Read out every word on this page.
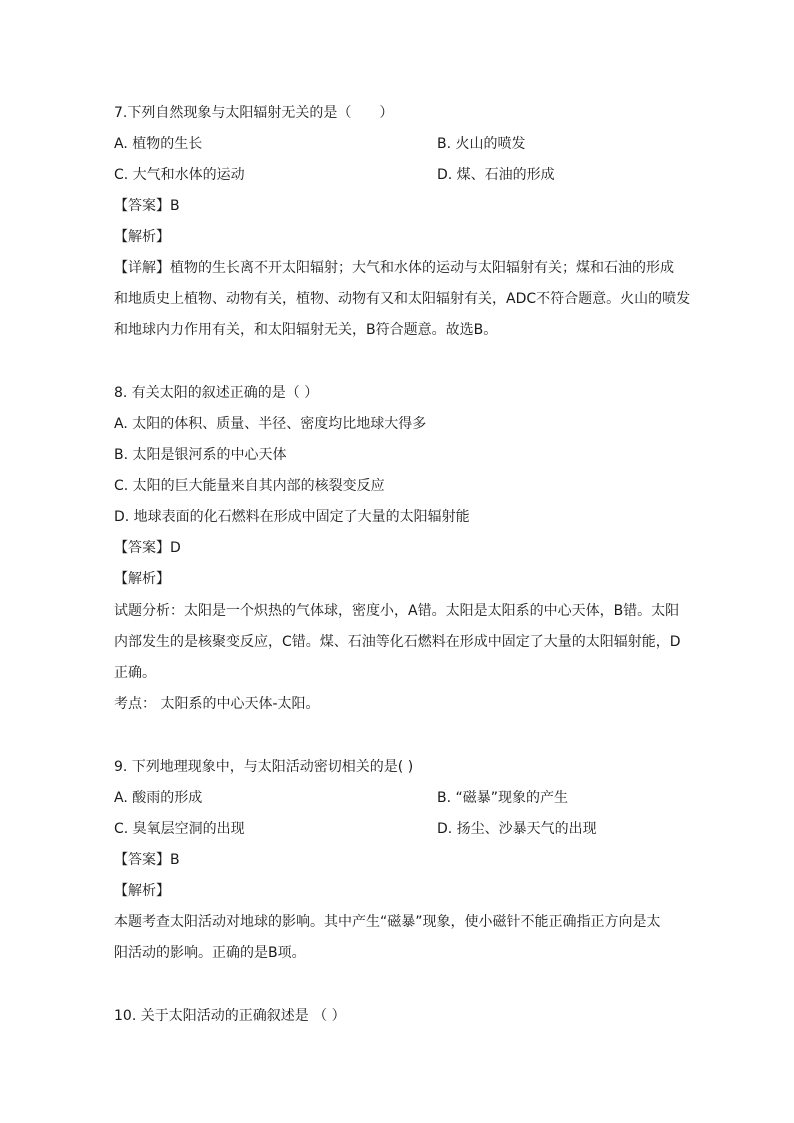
7.下列自然现象与太阳辐射无关的是（　　）
A. 植物的生长	B. 火山的喷发
C. 大气和水体的运动	D. 煤、石油的形成
【答案】B
【解析】
【详解】植物的生长离不开太阳辐射；大气和水体的运动与太阳辐射有关；煤和石油的形成
和地质史上植物、动物有关，植物、动物有又和太阳辐射有关，ADC不符合题意。火山的喷发
和地球内力作用有关，和太阳辐射无关，B符合题意。故选B。
8. 有关太阳的叙述正确的是（ ）
A. 太阳的体积、质量、半径、密度均比地球大得多
B. 太阳是银河系的中心天体
C. 太阳的巨大能量来自其内部的核裂变反应
D. 地球表面的化石燃料在形成中固定了大量的太阳辐射能
【答案】D
【解析】
试题分析：太阳是一个炽热的气体球，密度小，A错。太阳是太阳系的中心天体，B错。太阳
内部发生的是核聚变反应，C错。煤、石油等化石燃料在形成中固定了大量的太阳辐射能，D
正确。
考点： 太阳系的中心天体-太阳。
9. 下列地理现象中，与太阳活动密切相关的是( )
A. 酸雨的形成	B. “磁暴”现象的产生
C. 臭氧层空洞的出现	D. 扬尘、沙暴天气的出现
【答案】B
【解析】
本题考查太阳活动对地球的影响。其中产生“磁暴”现象，使小磁针不能正确指正方向是太
阳活动的影响。正确的是B项。
10. 关于太阳活动的正确叙述是 （ ）
